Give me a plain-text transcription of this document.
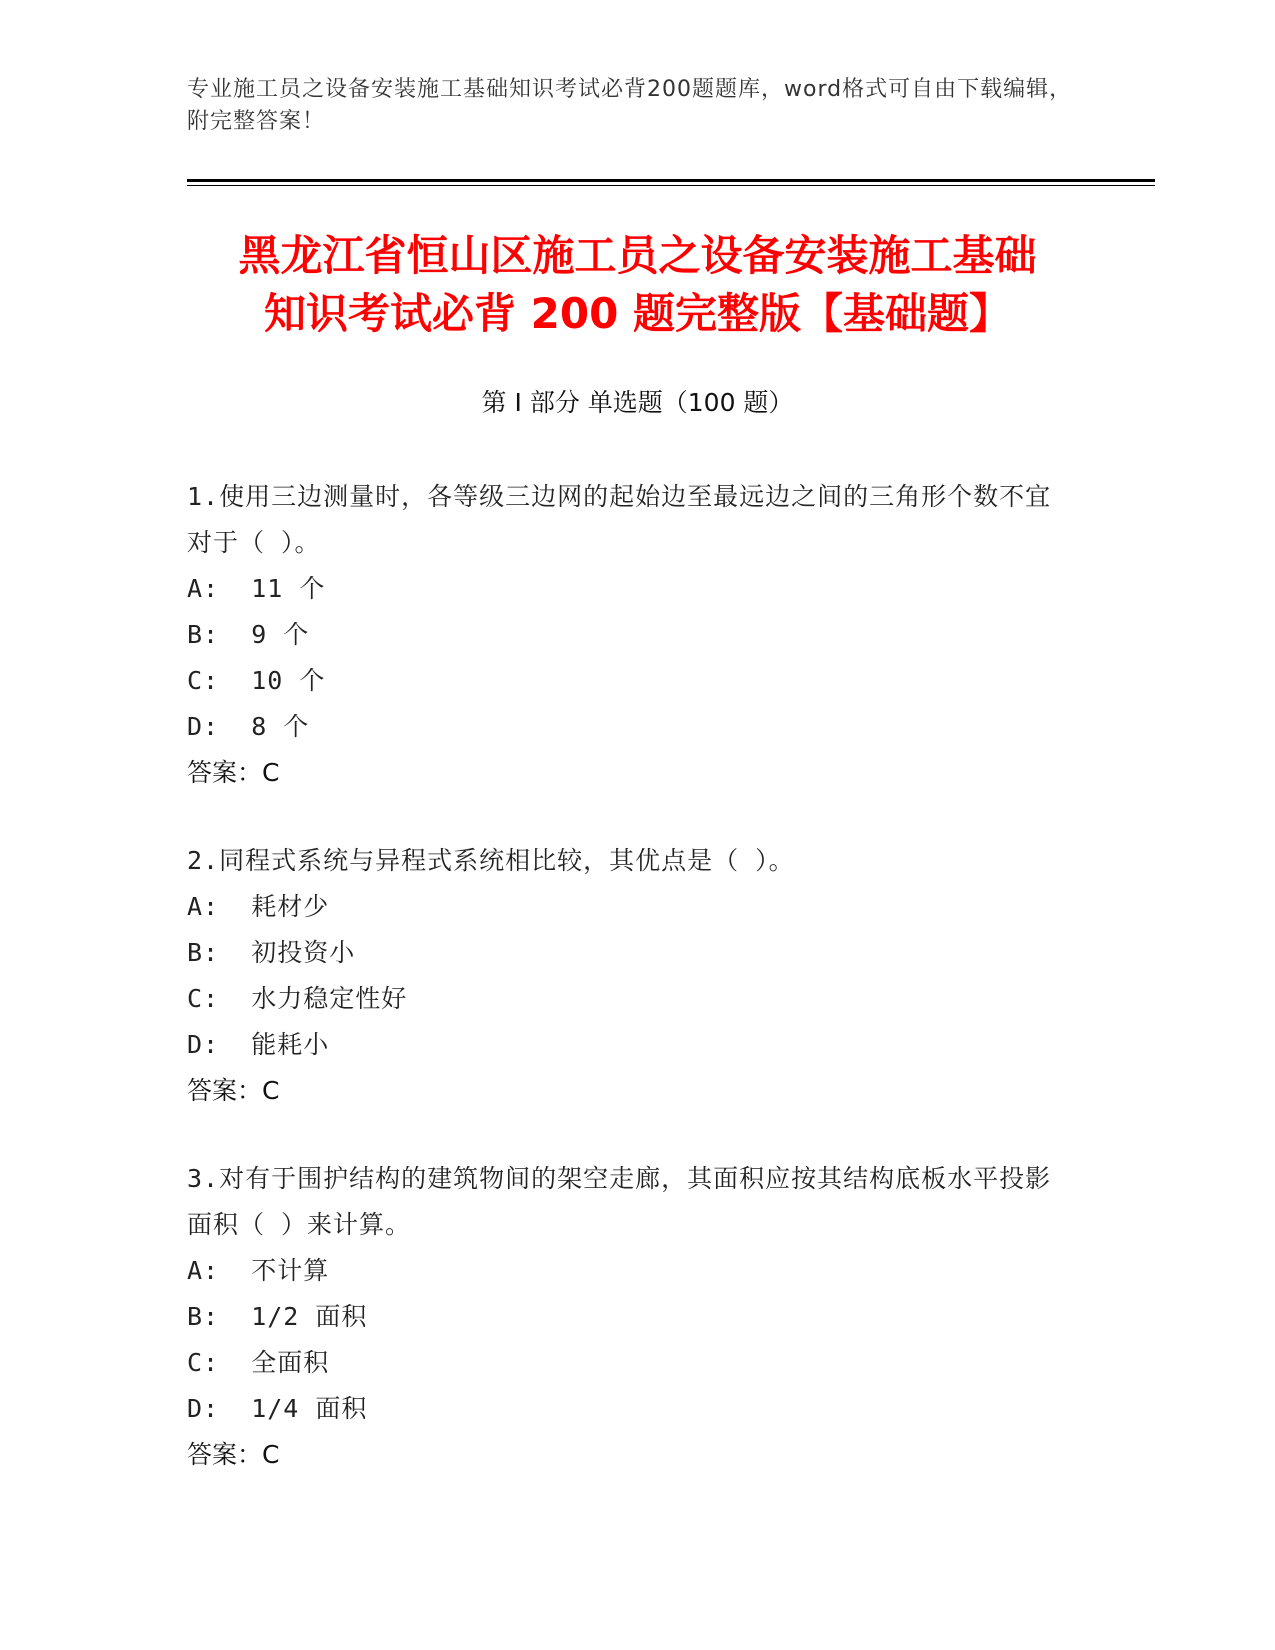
专业施工员之设备安装施工基础知识考试必背200题题库，word格式可自由下载编辑，附完整答案！
黑龙江省恒山区施工员之设备安装施工基础
知识考试必背 200 题完整版【基础题】
第 I 部分 单选题（100 题）
1.使用三边测量时，各等级三边网的起始边至最远边之间的三角形个数不宜对于（ ）。
A:  11 个
B:  9 个
C:  10 个
D:  8 个
答案：C
2.同程式系统与异程式系统相比较，其优点是（ ）。
A:  耗材少
B:  初投资小
C:  水力稳定性好
D:  能耗小
答案：C
3.对有于围护结构的建筑物间的架空走廊，其面积应按其结构底板水平投影面积（ ）来计算。
A:  不计算
B:  1/2 面积
C:  全面积
D:  1/4 面积
答案：C
